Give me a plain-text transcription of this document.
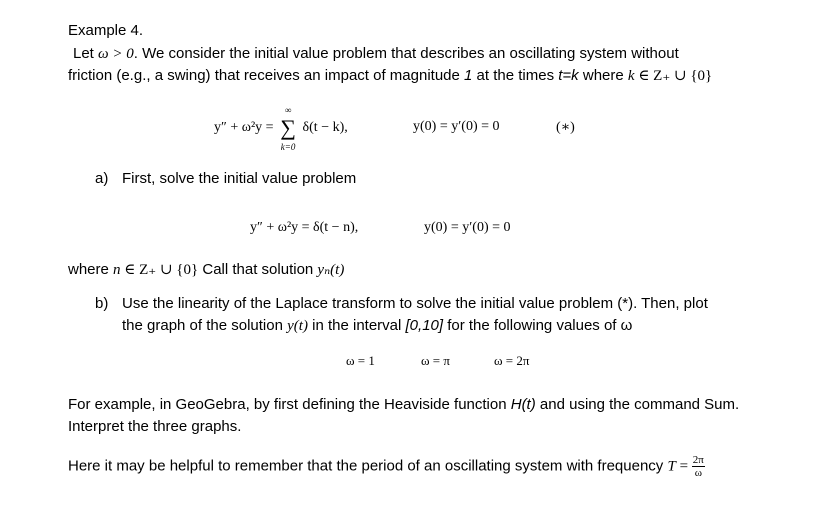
Example 4.
Let ω > 0. We consider the initial value problem that describes an oscillating system without
friction (e.g., a swing) that receives an impact of magnitude 1 at the times t=k where k ∈ Z₊ ∪ {0}
y″ + ω²y =
∞
∑
k=0
δ(t − k),	y(0) = y′(0) = 0	(∗)
a) First, solve the initial value problem
y″ + ω²y = δ(t − n),	y(0) = y′(0) = 0
where n ∈ Z₊ ∪ {0} Call that solution yₙ(t)
b) Use the linearity of the Laplace transform to solve the initial value problem (*). Then, plot
the graph of the solution y(t) in the interval [0,10] for the following values of ω
ω = 1	ω = π	ω = 2π
For example, in GeoGebra, by first defining the Heaviside function H(t) and using the command Sum.
Interpret the three graphs.
Here it may be helpful to remember that the period of an oscillating system with frequency $T = \frac{2\pi}{\omega}$
